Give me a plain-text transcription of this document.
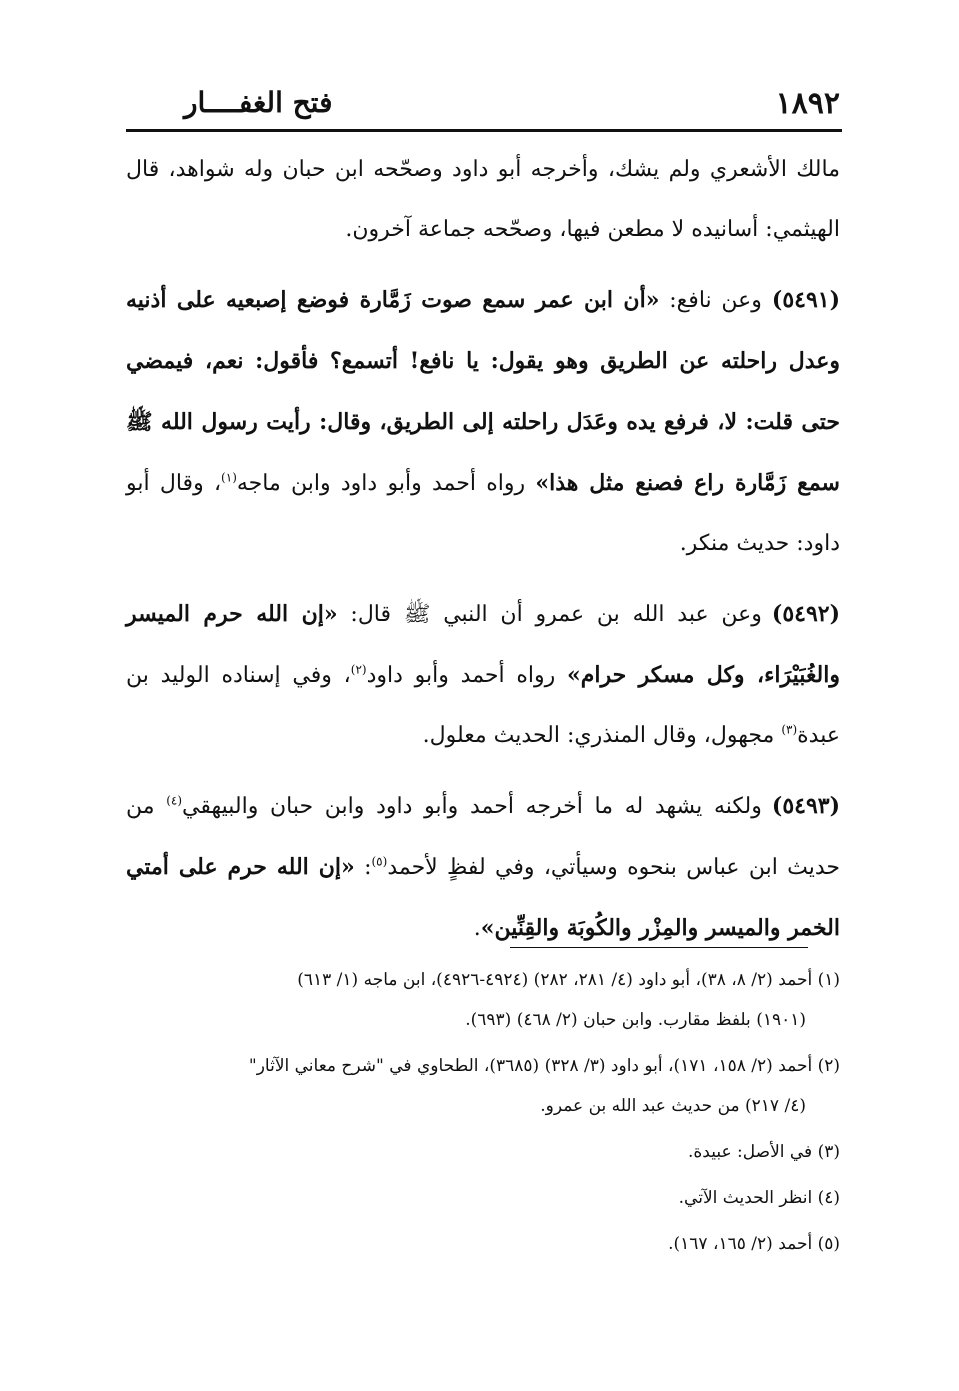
١٨٩٢
فتح الغفــــار

مالك الأشعري ولم يشك، وأخرجه أبو داود وصحّحه ابن حبان وله شواهد، قال الهيثمي: أسانيده لا مطعن فيها، وصحّحه جماعة آخرون.

(٥٤٩١)وعن نافع: «أن ابن عمر سمع صوت زَمَّارة فوضع إصبعيه على أذنيه وعدل راحلته عن الطريق وهو يقول: يا نافع! أتسمع؟ فأقول: نعم، فيمضي حتى قلت: لا، فرفع يده وعَدَل راحلته إلى الطريق، وقال: رأيت رسول الله ﷺ سمع زَمَّارة راع فصنع مثل هذا» رواه أحمد وأبو داود وابن ماجه$^{(١)}$، وقال أبو داود: حديث منكر.

(٥٤٩٢)وعن عبد الله بن عمرو أن النبي ﷺ قال: «إن الله حرم الميسر والغُبَيْرَاء، وكل مسكر حرام» رواه أحمد وأبو داود$^{(٢)}$، وفي إسناده الوليد بن عبدة$^{(٣)}$ مجهول، وقال المنذري: الحديث معلول.

(٥٤٩٣)ولكنه يشهد له ما أخرجه أحمد وأبو داود وابن حبان والبيهقي$^{(٤)}$ من حديث ابن عباس بنحوه وسيأتي، وفي لفظٍ لأحمد$^{(٥)}$: «إن الله حرم على أمتي الخمر والميسر والمِزْر والكُوبَة والقِنِّين».

(١) أحمد (٢/ ٨، ٣٨)، أبو داود (٤/ ٢٨١، ٢٨٢) (٤٩٢٤-٤٩٢٦)، ابن ماجه (١/ ٦١٣)
(١٩٠١) بلفظ مقارب. وابن حبان (٢/ ٤٦٨) (٦٩٣).

(٢) أحمد (٢/ ١٥٨، ١٧١)، أبو داود (٣/ ٣٢٨) (٣٦٨٥)، الطحاوي في "شرح معاني الآثار"
(٤/ ٢١٧) من حديث عبد الله بن عمرو.

(٣) في الأصل: عبيدة.

(٤) انظر الحديث الآتي.

(٥) أحمد (٢/ ١٦٥، ١٦٧).
